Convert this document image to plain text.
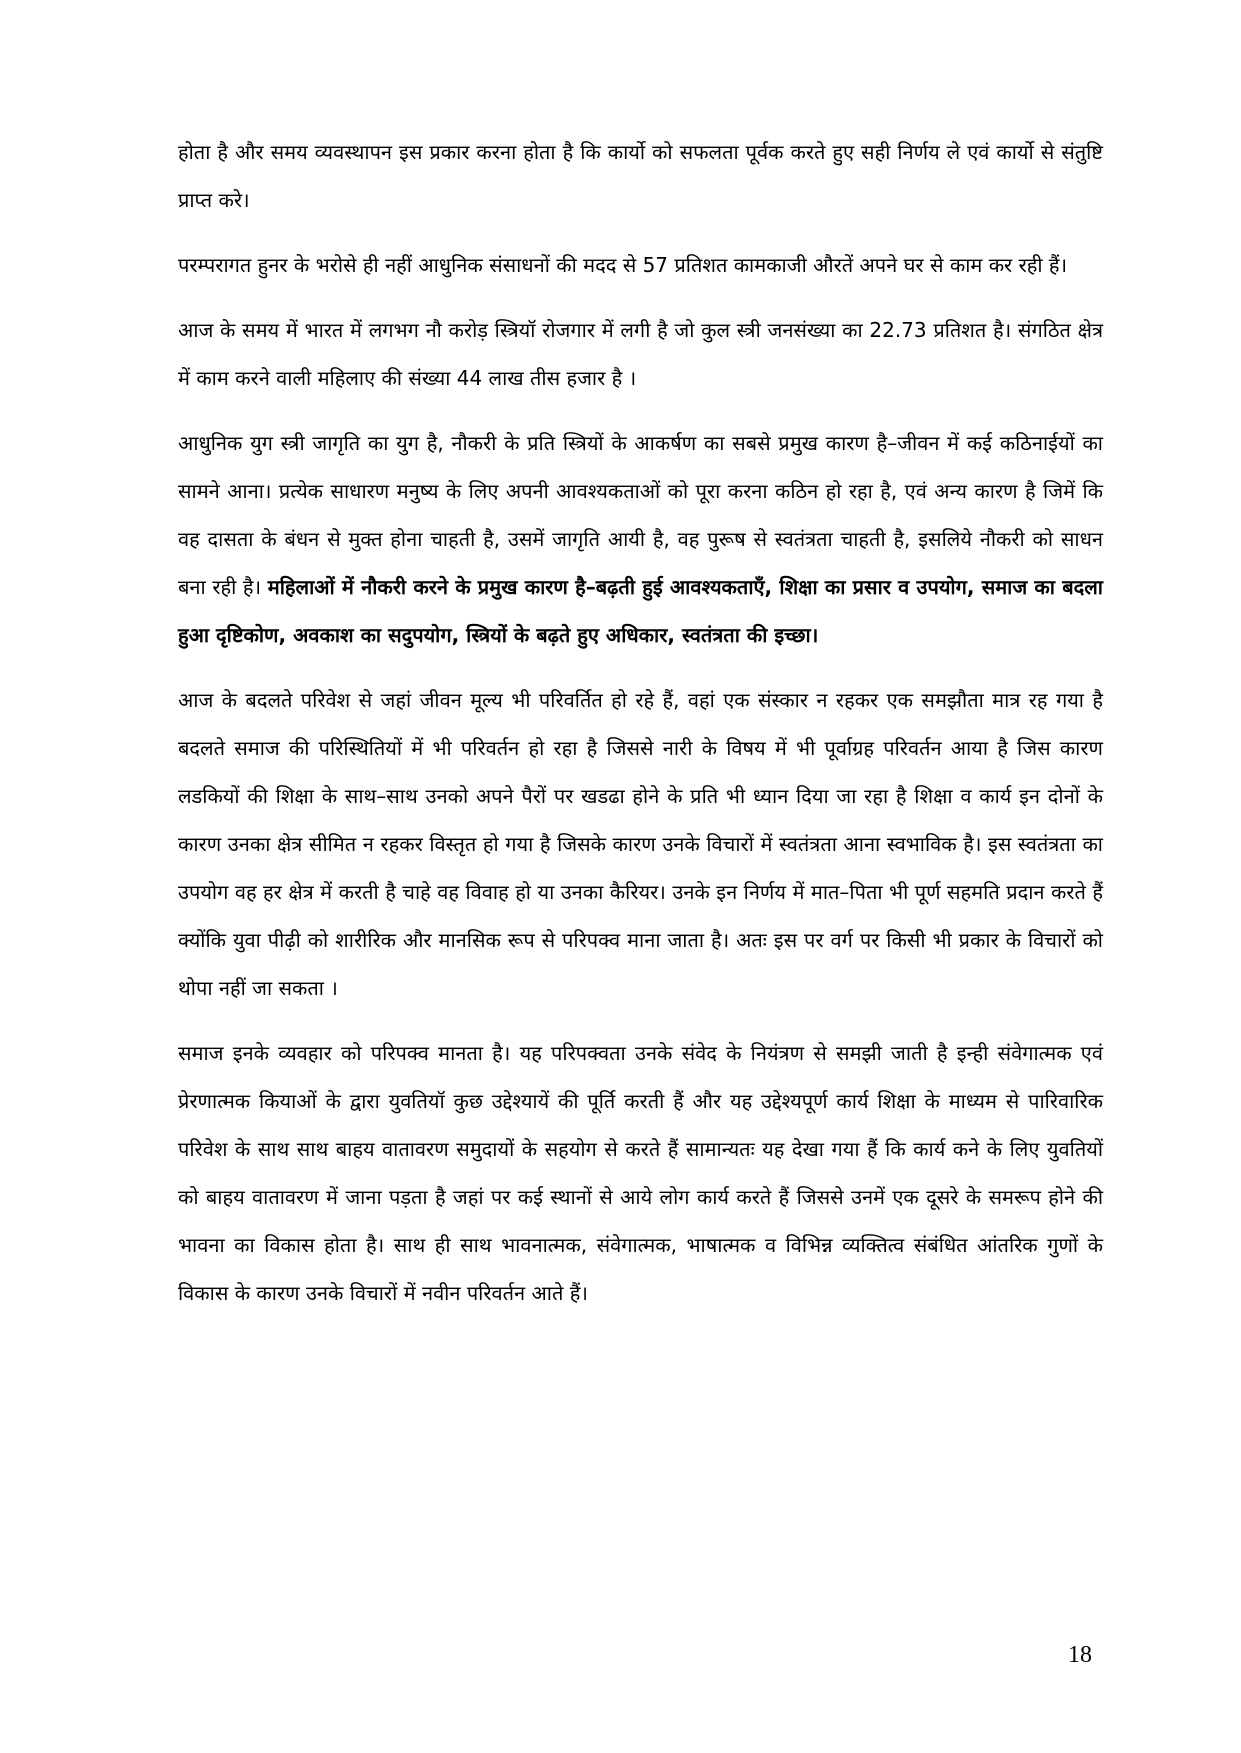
होता है और समय व्यवस्थापन इस प्रकार करना होता है कि कार्यो को सफलता पूर्वक करते हुए सही निर्णय ले एवं कार्यो से संतुष्टि प्राप्त करे।

परम्परागत हुनर के भरोसे ही नहीं आधुनिक संसाधनों की मदद से 57 प्रतिशत कामकाजी औरतें अपने घर से काम कर रही हैं।

आज के समय में भारत में लगभग नौ करोड़ स्त्रियॉ रोजगार में लगी है जो कुल स्त्री जनसंख्या का 22.73 प्रतिशत है। संगठित क्षेत्र में काम करने वाली महिलाए की संख्या 44 लाख तीस हजार है ।

आधुनिक युग स्त्री जागृति का युग है, नौकरी के प्रति स्त्रियों के आकर्षण का सबसे प्रमुख कारण है–जीवन में कई कठिनाईयों का सामने आना। प्रत्येक साधारण मनुष्य के लिए अपनी आवश्यकताओं को पूरा करना कठिन हो रहा है, एवं अन्य कारण है जिमें कि वह दासता के बंधन से मुक्त होना चाहती है, उसमें जागृति आयी है, वह पुरूष से स्वतंत्रता चाहती है, इसलिये नौकरी को साधन बना रही है। महिलाओं में नौकरी करने के प्रमुख कारण है–बढ़ती हुई आवश्यकताएँ, शिक्षा का प्रसार व उपयोग, समाज का बदला हुआ दृष्टिकोण, अवकाश का सदुपयोग, स्त्रियों के बढ़ते हुए अधिकार, स्वतंत्रता की इच्छा।

आज के बदलते परिवेश से जहां जीवन मूल्य भी परिवर्तित हो रहे हैं, वहां एक संस्कार न रहकर एक समझौता मात्र रह गया है बदलते समाज की परिस्थितियों में भी परिवर्तन हो रहा है जिससे नारी के विषय में भी पूर्वाग्रह परिवर्तन आया है जिस कारण लडकियों की शिक्षा के साथ–साथ उनको अपने पैरों पर खडढा होने के प्रति भी ध्यान दिया जा रहा है शिक्षा व कार्य इन दोनों के कारण उनका क्षेत्र सीमित न रहकर विस्तृत हो गया है जिसके कारण उनके विचारों में स्वतंत्रता आना स्वभाविक है। इस स्वतंत्रता का उपयोग वह हर क्षेत्र में करती है चाहे वह विवाह हो या उनका कैरियर। उनके इन निर्णय में मात–पिता भी पूर्ण सहमति प्रदान करते हैं क्योंकि युवा पीढ़ी को शारीरिक और मानसिक रूप से परिपक्व माना जाता है। अतः इस पर वर्ग पर किसी भी प्रकार के विचारों को थोपा नहीं जा सकता ।

समाज इनके व्यवहार को परिपक्व मानता है। यह परिपक्वता उनके संवेद के नियंत्रण से समझी जाती है इन्ही संवेगात्मक एवं प्रेरणात्मक कियाओं के द्वारा युवतियॉ कुछ उद्देश्यायें की पूर्ति करती हैं और यह उद्देश्यपूर्ण कार्य शिक्षा के माध्यम से पारिवारिक परिवेश के साथ साथ बाहय वातावरण समुदायों के सहयोग से करते हैं सामान्यतः यह देखा गया हैं कि कार्य कने के लिए युवतियों को बाहय वातावरण में जाना पड़ता है जहां पर कई स्थानों से आये लोग कार्य करते हैं जिससे उनमें एक दूसरे के समरूप होने की भावना का विकास होता है। साथ ही साथ भावनात्मक, संवेगात्मक, भाषात्मक व विभिन्न व्यक्तित्व संबंधित आंतरिक गुणों के विकास के कारण उनके विचारों में नवीन परिवर्तन आते हैं।

18
